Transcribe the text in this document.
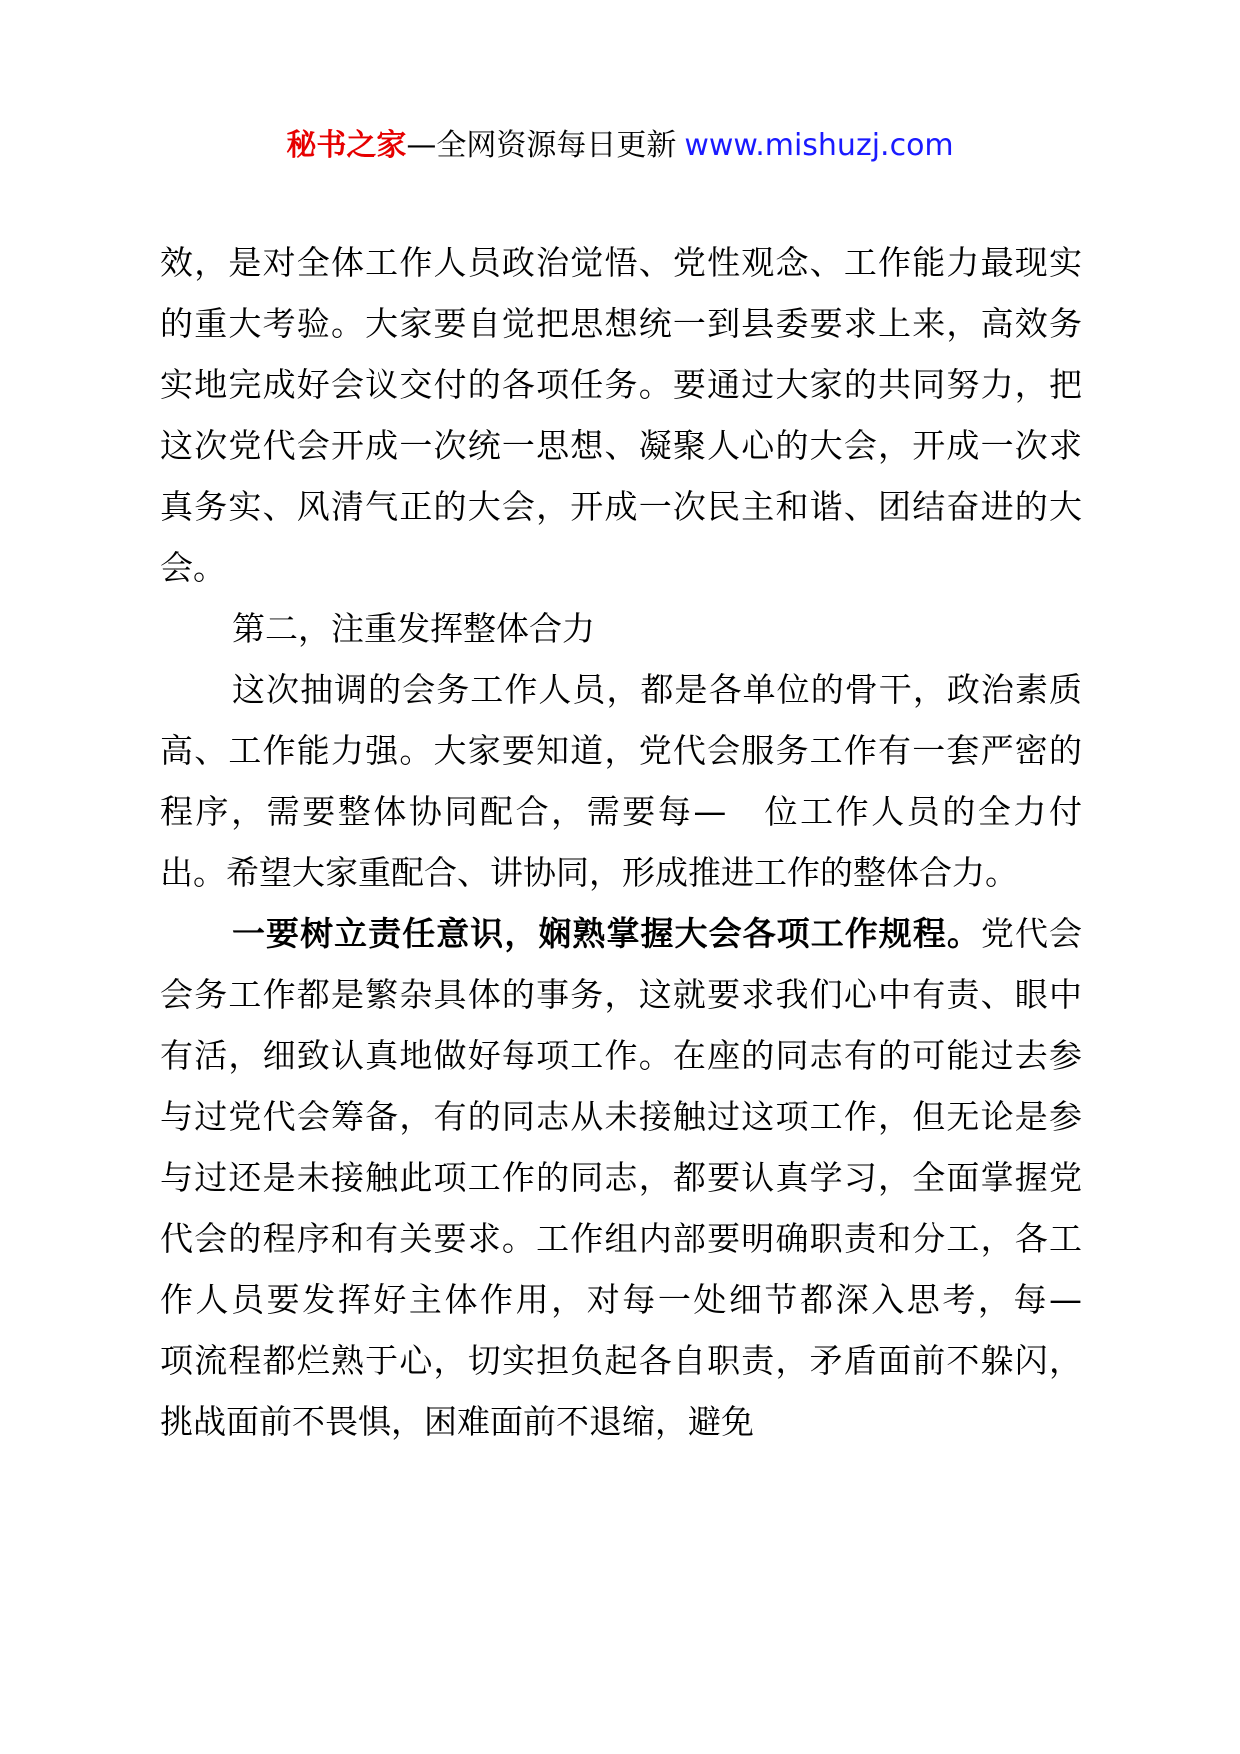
秘书之家—全网资源每日更新 www.mishuzj.com

效，是对全体工作人员政治觉悟、党性观念、工作能力最现实的重大考验。大家要自觉把思想统一到县委要求上来，高效务实地完成好会议交付的各项任务。要通过大家的共同努力，把这次党代会开成一次统一思想、凝聚人心的大会，开成一次求真务实、风清气正的大会，开成一次民主和谐、团结奋进的大会。

第二，注重发挥整体合力

这次抽调的会务工作人员，都是各单位的骨干，政治素质高、工作能力强。大家要知道，党代会服务工作有一套严密的程序，需要整体协同配合，需要每—　位工作人员的全力付出。希望大家重配合、讲协同，形成推进工作的整体合力。

一要树立责任意识，娴熟掌握大会各项工作规程。党代会会务工作都是繁杂具体的事务，这就要求我们心中有责、眼中有活，细致认真地做好每项工作。在座的同志有的可能过去参与过党代会筹备，有的同志从未接触过这项工作，但无论是参与过还是未接触此项工作的同志，都要认真学习，全面掌握党代会的程序和有关要求。工作组内部要明确职责和分工，各工作人员要发挥好主体作用，对每一处细节都深入思考，每—　项流程都烂熟于心，切实担负起各自职责，矛盾面前不躲闪，挑战面前不畏惧，困难面前不退缩，避免
